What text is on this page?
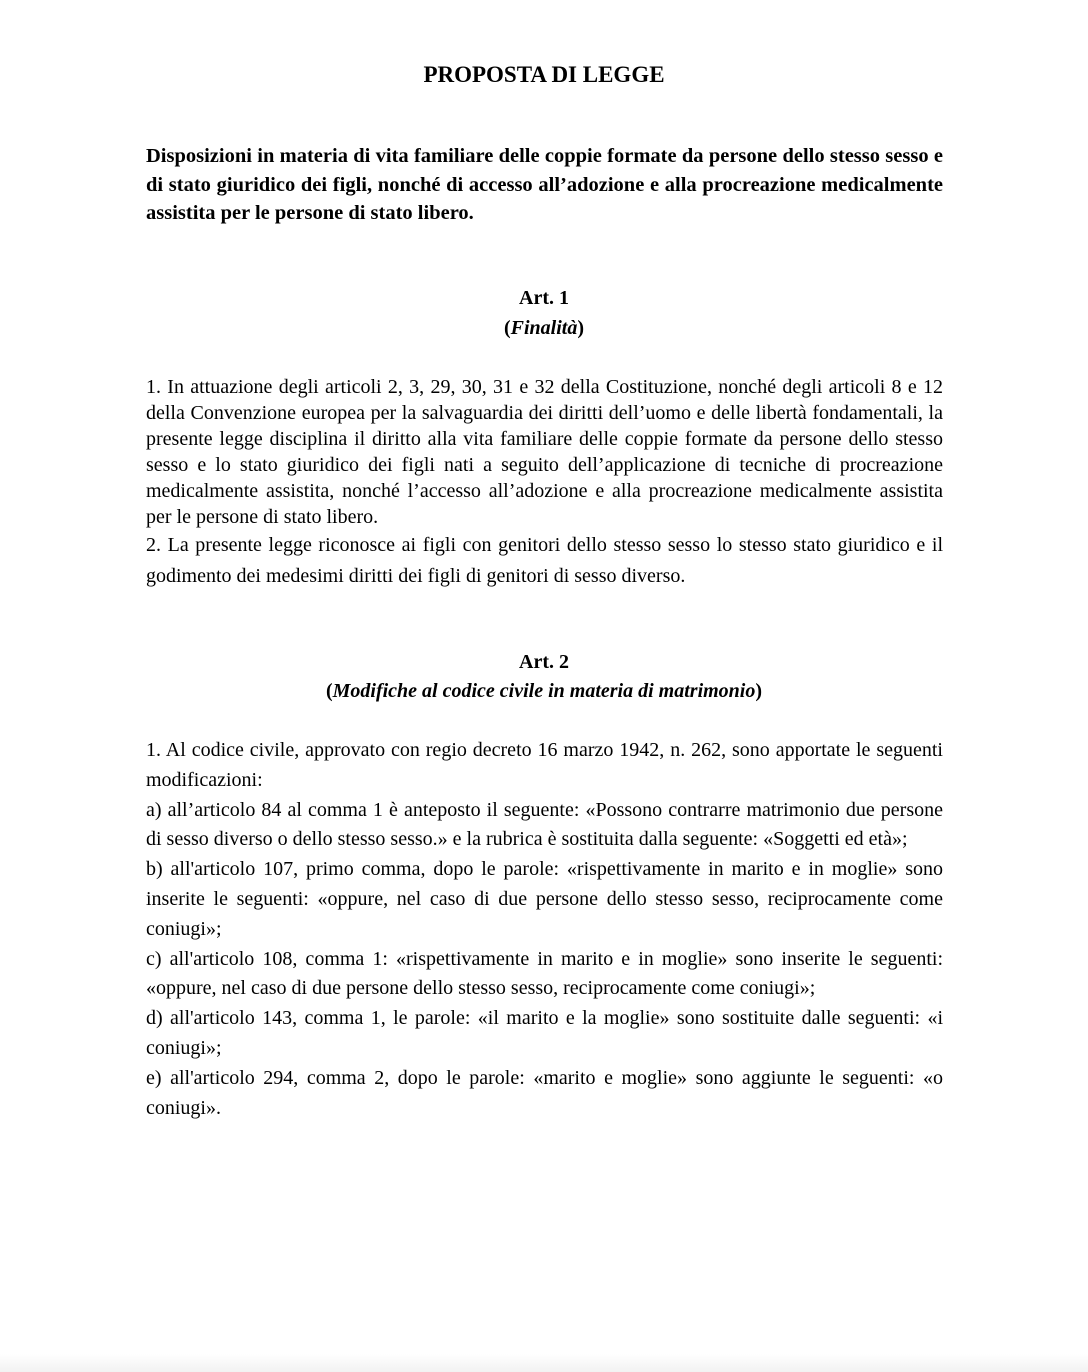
PROPOSTA DI LEGGE
Disposizioni in materia di vita familiare delle coppie formate da persone dello stesso sesso e di stato giuridico dei figli, nonché di accesso all’adozione e alla procreazione medicalmente assistita per le persone di stato libero.
Art. 1
(Finalità)

1. In attuazione degli articoli 2, 3, 29, 30, 31 e 32 della Costituzione, nonché degli articoli 8 e 12 della Convenzione europea per la salvaguardia dei diritti dell’uomo e delle libertà fondamentali, la presente legge disciplina il diritto alla vita familiare delle coppie formate da persone dello stesso sesso e lo stato giuridico dei figli nati a seguito dell’applicazione di tecniche di procreazione medicalmente assistita, nonché l’accesso all’adozione e alla procreazione medicalmente assistita per le persone di stato libero.

2. La presente legge riconosce ai figli con genitori dello stesso sesso lo stesso stato giuridico e il godimento dei medesimi diritti dei figli di genitori di sesso diverso.

Art. 2
(Modifiche al codice civile in materia di matrimonio)

1. Al codice civile, approvato con regio decreto 16 marzo 1942, n. 262, sono apportate le seguenti modificazioni:

a) all’articolo 84 al comma 1 è anteposto il seguente: «Possono contrarre matrimonio due persone di sesso diverso o dello stesso sesso.» e la rubrica è sostituita dalla seguente: «Soggetti ed età»;

b) all'articolo 107, primo comma, dopo le parole: «rispettivamente in marito e in moglie» sono inserite le seguenti: «oppure, nel caso di due persone dello stesso sesso, reciprocamente come coniugi»;

c) all'articolo 108, comma 1: «rispettivamente in marito e in moglie» sono inserite le seguenti: «oppure, nel caso di due persone dello stesso sesso, reciprocamente come coniugi»;

d) all'articolo 143, comma 1, le parole: «il marito e la moglie» sono sostituite dalle seguenti: «i coniugi»;

e) all'articolo 294, comma 2, dopo le parole: «marito e moglie» sono aggiunte le seguenti: «o coniugi».
